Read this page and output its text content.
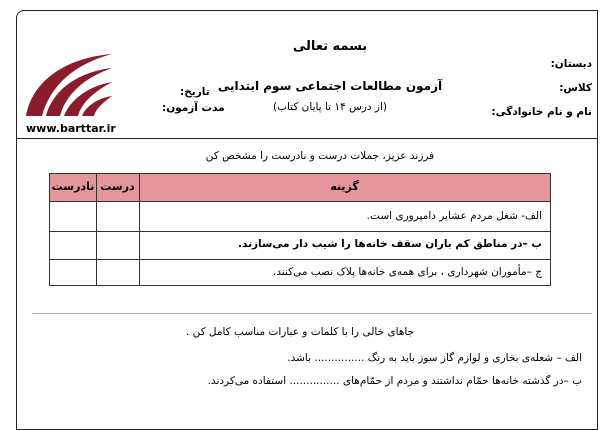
www.barttar.ir
بسمه تعالی
آزمون مطالعات اجتماعی سوم ابتدایی
(از درس ۱۴ تا پایان کتاب)
دبستان:
کلاس:
نام و نام خانوادگی:
تاریخ:
مدت آزمون:
فرزند عزیز، جملات درست و نادرست را مشخص کن
گزینه
درست
نادرست
الف- شغل مردم عشایر دامپروری است.
ب –در مناطق کم باران سقف خانه‌ها را شیب دار می‌سازند.
ج –مأموران شهرداری ، برای همه‌ی خانه‌ها پلاک نصب می‌کنند.
جاهای خالی را با کلمات و عبارات مناسب کامل کن .
الف – شعله‌ی بخاری و لوازم گاز سوز باید به رنگ ............... باشد.
ب –در گذشته خانه‌ها حمّام نداشتند و مردم از حمّام‌های ............... استفاده می‌کردند.
